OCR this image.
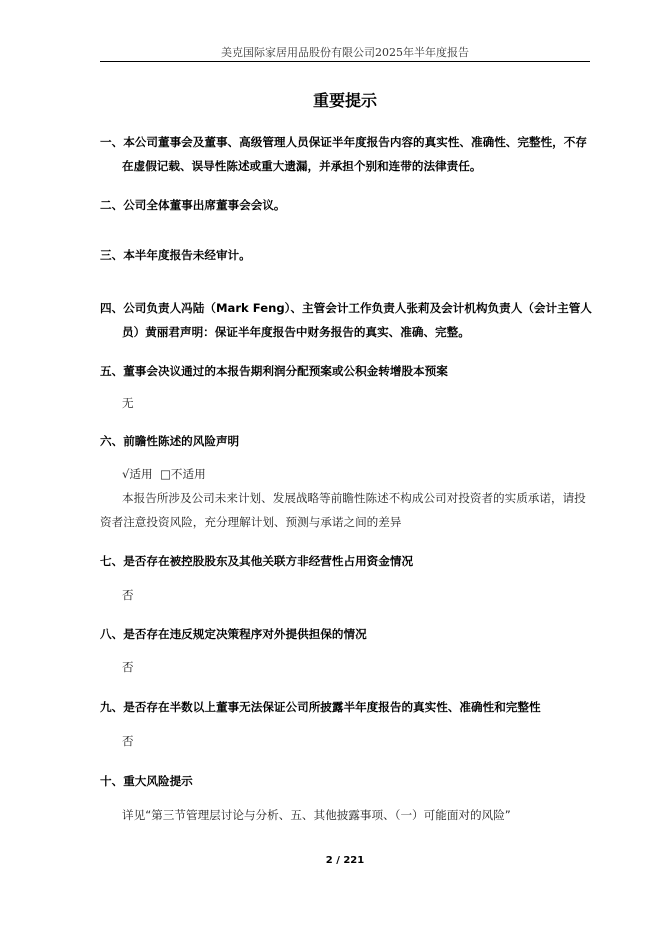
美克国际家居用品股份有限公司2025年半年度报告
重要提示
一、本公司董事会及董事、高级管理人员保证半年度报告内容的真实性、准确性、完整性，不存在虚假记载、误导性陈述或重大遗漏，并承担个别和连带的法律责任。
二、公司全体董事出席董事会会议。
三、本半年度报告未经审计。
四、公司负责人冯陆（Mark Feng）、主管会计工作负责人张莉及会计机构负责人（会计主管人员）黄丽君声明：保证半年度报告中财务报告的真实、准确、完整。
五、董事会决议通过的本报告期利润分配预案或公积金转增股本预案
无
六、前瞻性陈述的风险声明
√适用  □不适用
本报告所涉及公司未来计划、发展战略等前瞻性陈述不构成公司对投资者的实质承诺，请投资者注意投资风险，充分理解计划、预测与承诺之间的差异
七、是否存在被控股股东及其他关联方非经营性占用资金情况
否
八、是否存在违反规定决策程序对外提供担保的情况
否
九、是否存在半数以上董事无法保证公司所披露半年度报告的真实性、准确性和完整性
否
十、重大风险提示
详见“第三节管理层讨论与分析、五、其他披露事项、（一）可能面对的风险”
2 / 221
